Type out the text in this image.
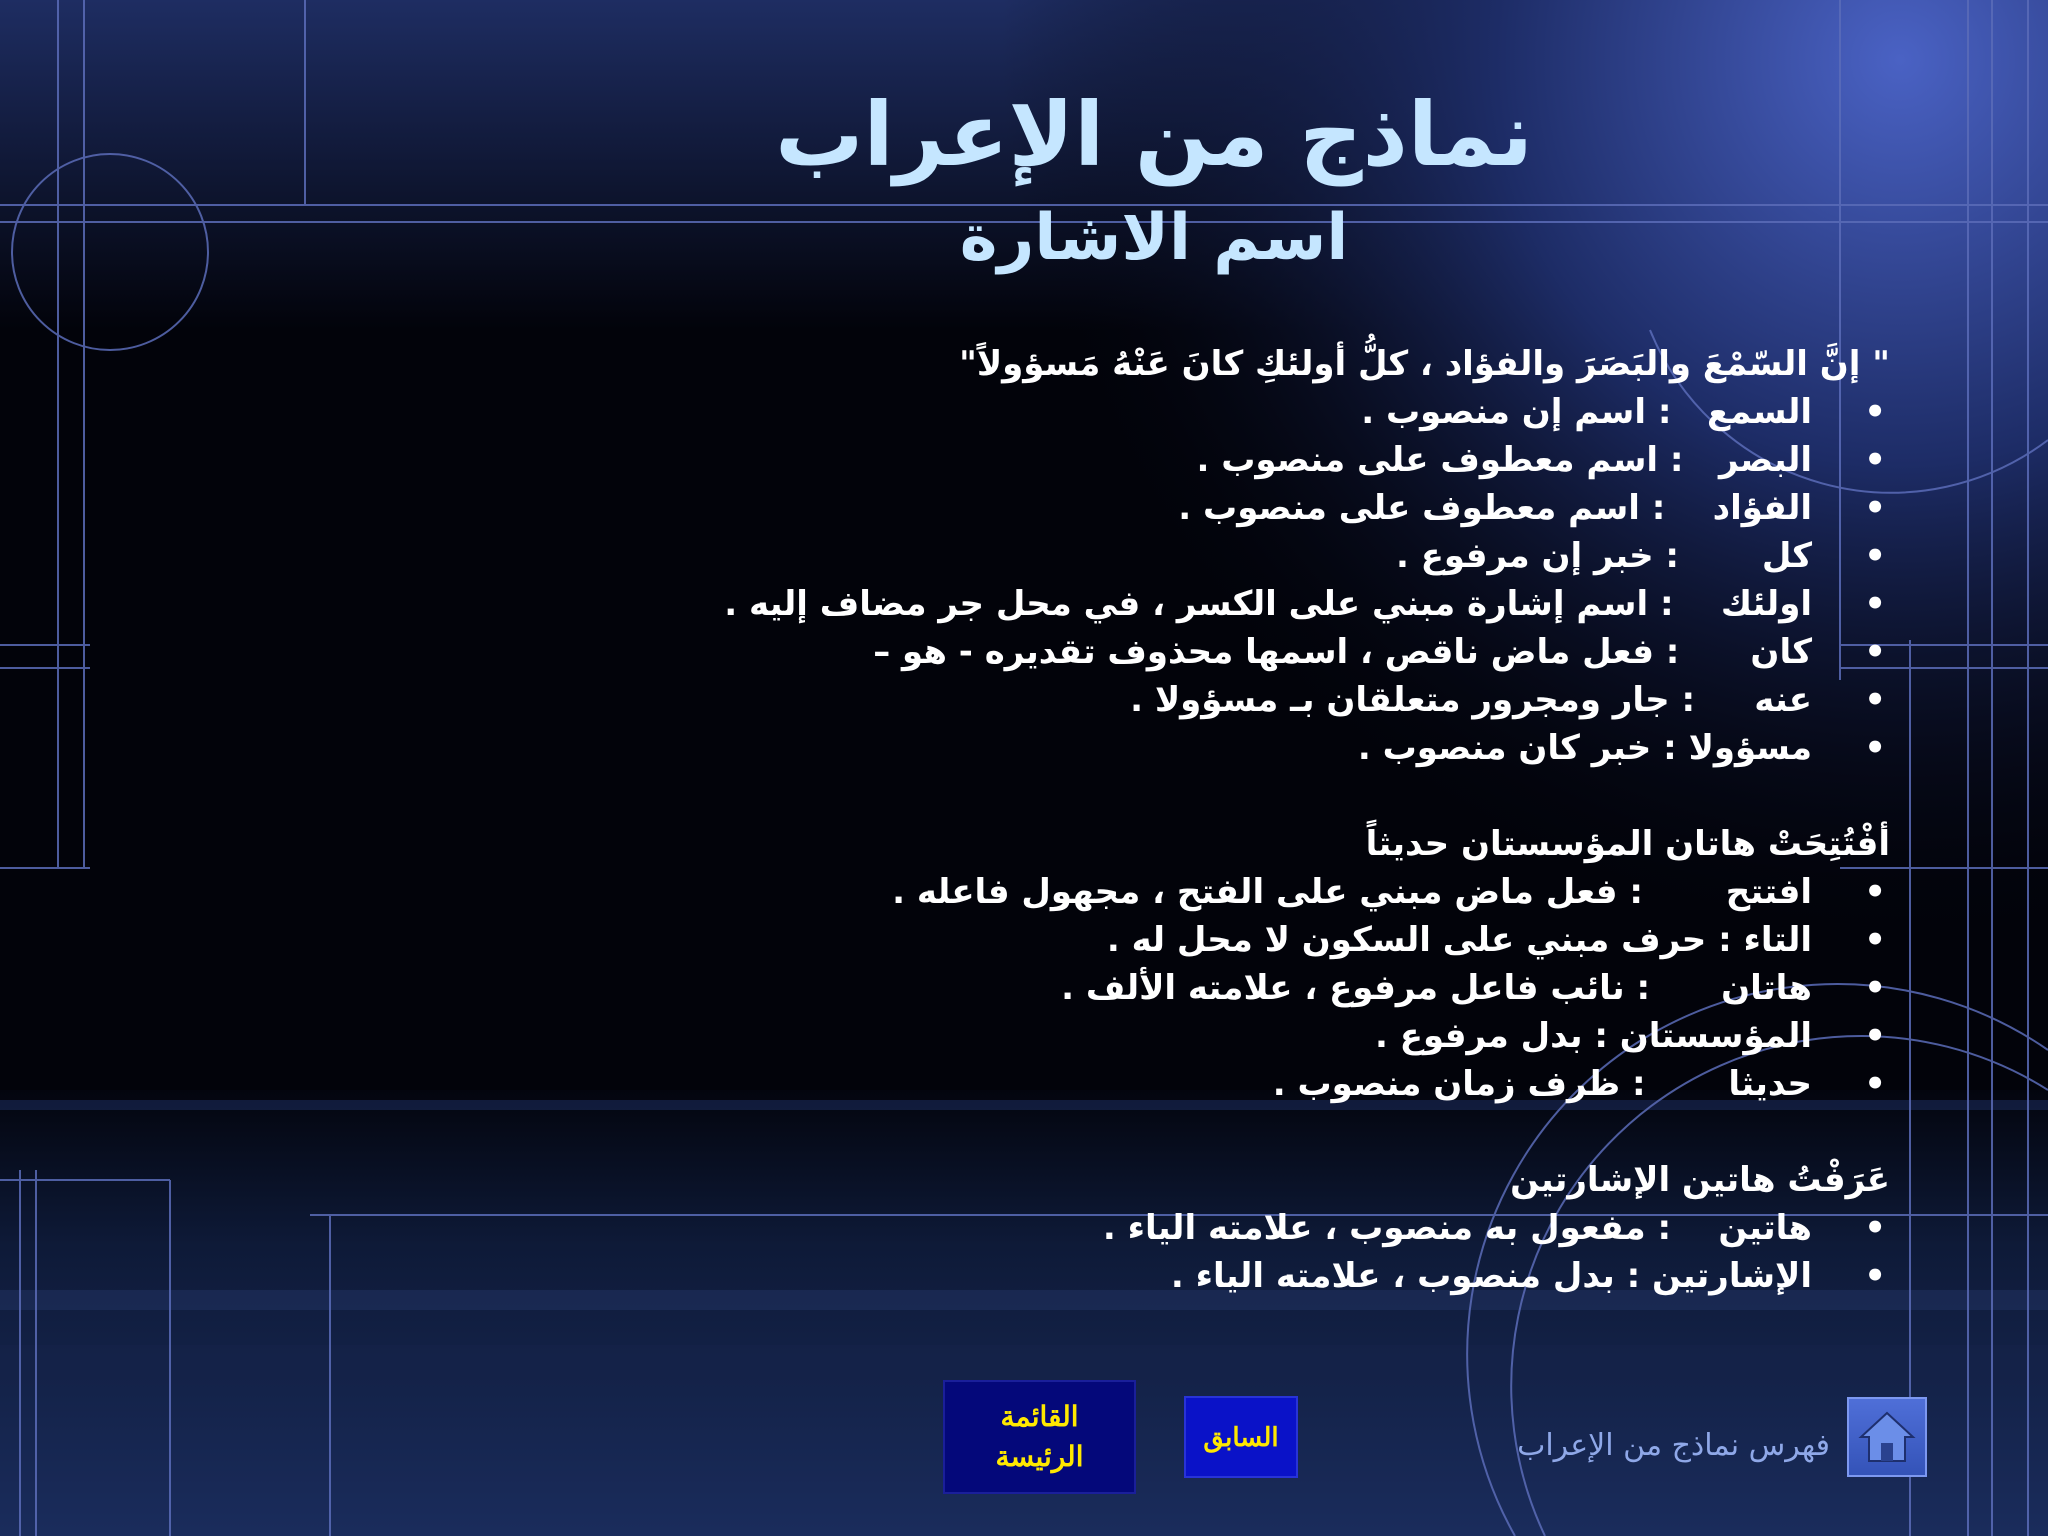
نماذج من الإعراب
اسم الاشارة
" إنَّ السّمْعَ والبَصَرَ والفؤاد ، كلُّ أولئكِ كانَ عَنْهُ مَسؤولاً"
• السمع   : اسم إن منصوب .
• البصر   : اسم معطوف على منصوب .
• الفؤاد    : اسم معطوف على منصوب .
• كل       : خبر إن مرفوع .
• اولئك    : اسم إشارة مبني على الكسر ، في محل جر مضاف إليه .
• كان      : فعل ماض ناقص ، اسمها محذوف تقديره - هو –
• عنه     : جار ومجرور متعلقان بـ مسؤولا .
• مسؤولا : خبر كان منصوب .
أفْتُتِحَتْ هاتان المؤسستان حديثاً
• افتتح       : فعل ماض مبني على الفتح ، مجهول فاعله .
• التاء : حرف مبني على السكون لا محل له .
• هاتان      : نائب فاعل مرفوع ، علامته الألف .
• المؤسستان : بدل مرفوع .
• حديثا       : ظرف زمان منصوب .
عَرَفْتُ هاتين الإشارتين
• هاتين    : مفعول به منصوب ، علامته الياء .
• الإشارتين : بدل منصوب ، علامته الياء .
القائمة
الرئيسة
السابق	فهرس نماذج من الإعراب
